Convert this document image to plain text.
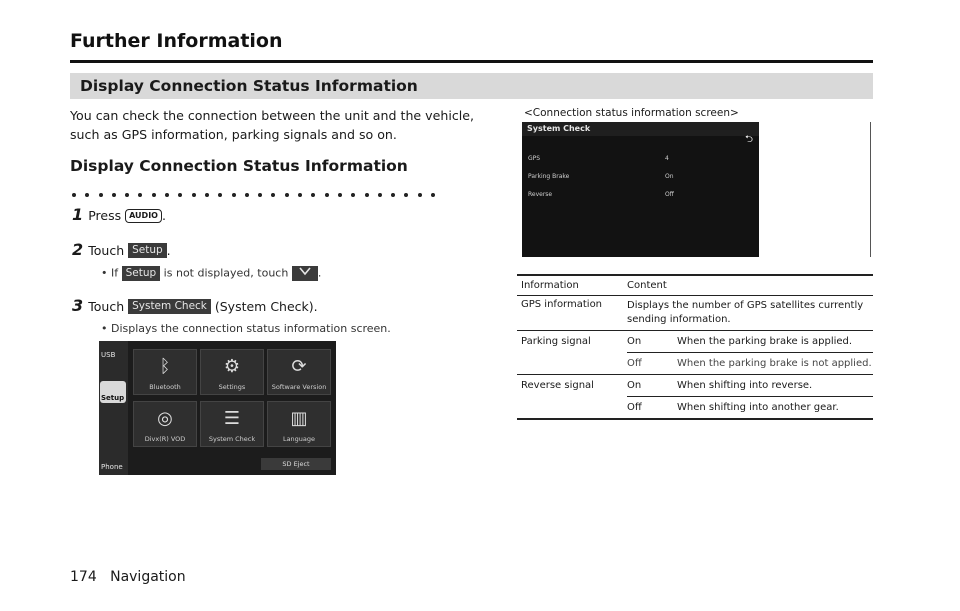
Further Information
Display Connection Status Information
You can check the connection between the unit and the vehicle, such as GPS information, parking signals and so on.
Display Connection Status Information
1 Press AUDIO .
2 Touch Setup .
• If Setup is not displayed, touch .
3 Touch System Check (System Check).
• Displays the connection status information screen.
USB
Setup
Phone
ᛒ
Bluetooth
⚙
Settings
⟳
Software Version
◎
Divx(R) VOD
☰
System Check
▥
Language
SD Eject
<Connection status information screen>
System Check
⮌
GPS	4
Parking Brake	On
Reverse	Off
Information	Content	
GPS information	Displays the number of GPS satellites currently sending information.	
Parking signal	On	When the parking brake is applied.
	Off	When the parking brake is not applied.
Reverse signal	On	When shifting into reverse.
	Off	When shifting into another gear.
174 Navigation
